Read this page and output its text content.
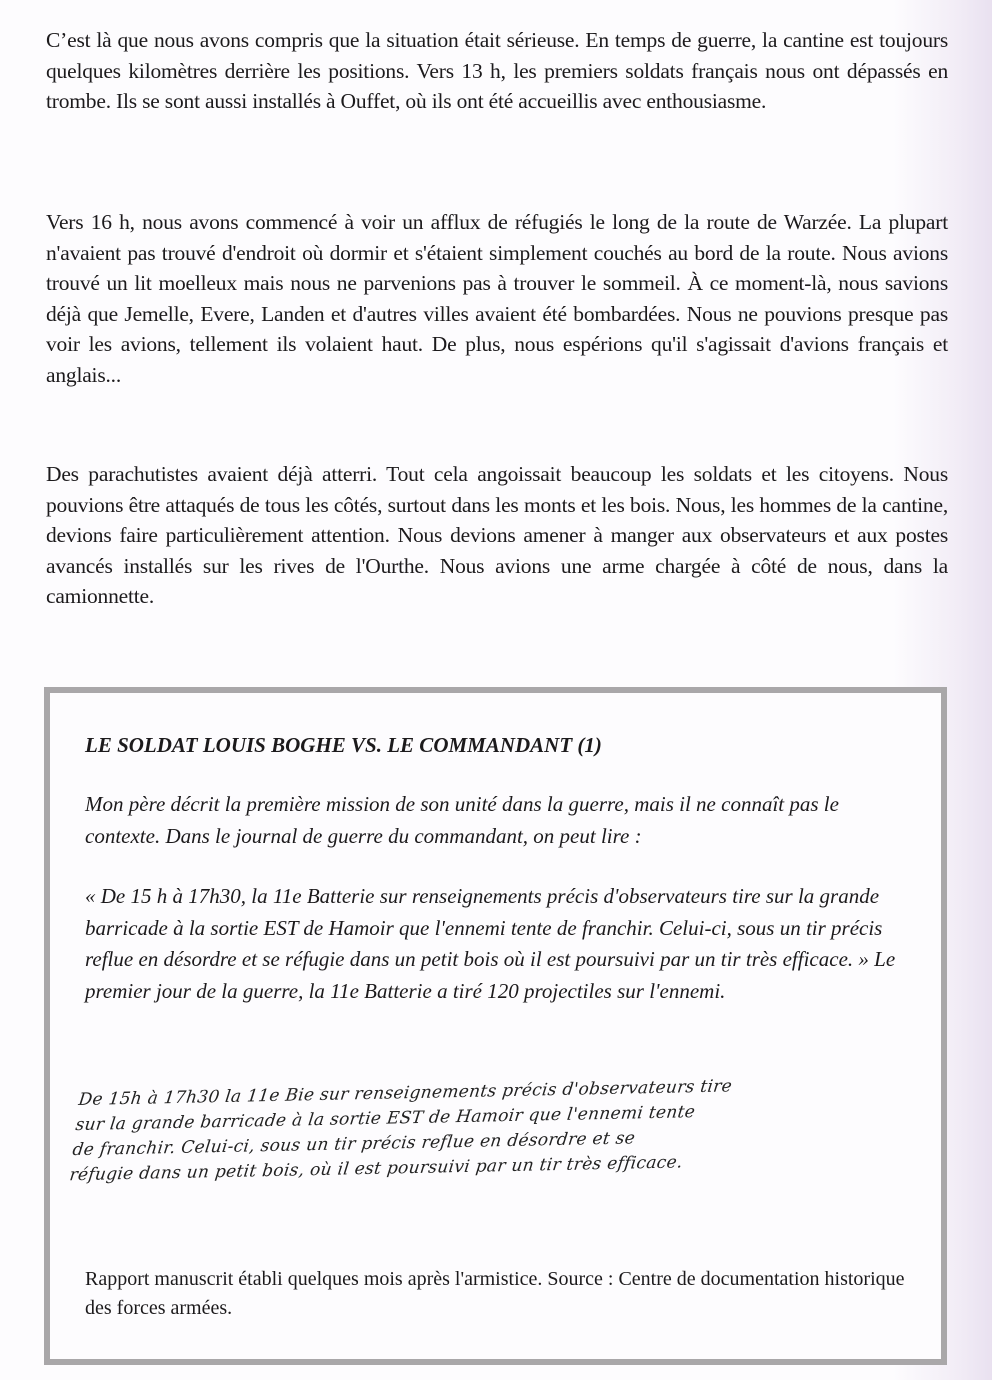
C’est là que nous avons compris que la situation était sérieuse. En temps de guerre, la cantine est toujours quelques kilomètres derrière les positions. Vers 13 h, les premiers soldats français nous ont dépassés en trombe. Ils se sont aussi installés à Ouffet, où ils ont été accueillis avec enthousiasme.

Vers 16 h, nous avons commencé à voir un afflux de réfugiés le long de la route de Warzée. La plupart n'avaient pas trouvé d'endroit où dormir et s'étaient simplement couchés au bord de la route. Nous avions trouvé un lit moelleux mais nous ne parvenions pas à trouver le sommeil. À ce moment-là, nous savions déjà que Jemelle, Evere, Landen et d'autres villes avaient été bombardées. Nous ne pouvions presque pas voir les avions, tellement ils volaient haut. De plus, nous espérions qu'il s'agissait d'avions français et anglais...

Des parachutistes avaient déjà atterri. Tout cela angoissait beaucoup les soldats et les citoyens. Nous pouvions être attaqués de tous les côtés, surtout dans les monts et les bois. Nous, les hommes de la cantine, devions faire particulièrement attention. Nous devions amener à manger aux observateurs et aux postes avancés installés sur les rives de l'Ourthe. Nous avions une arme chargée à côté de nous, dans la camionnette.

LE SOLDAT LOUIS BOGHE VS. LE COMMANDANT (1)

Mon père décrit la première mission de son unité dans la guerre, mais il ne connaît pas le contexte. Dans le journal de guerre du commandant, on peut lire :

« De 15 h à 17h30, la 11e Batterie sur renseignements précis d'observateurs tire sur la grande barricade à la sortie EST de Hamoir que l'ennemi tente de franchir. Celui-ci, sous un tir précis reflue en désordre et se réfugie dans un petit bois où il est poursuivi par un tir très efficace. » Le premier jour de la guerre, la 11e Batterie a tiré 120 projectiles sur l'ennemi.

De 15h à 17h30 la 11e Bie sur renseignements précis d'observateurs tire
sur la grande barricade à la sortie EST de Hamoir que l'ennemi tente
de franchir. Celui-ci, sous un tir précis reflue en désordre et se
réfugie dans un petit bois, où il est poursuivi par un tir très efficace.

Rapport manuscrit établi quelques mois après l'armistice. Source : Centre de documentation historique des forces armées.
